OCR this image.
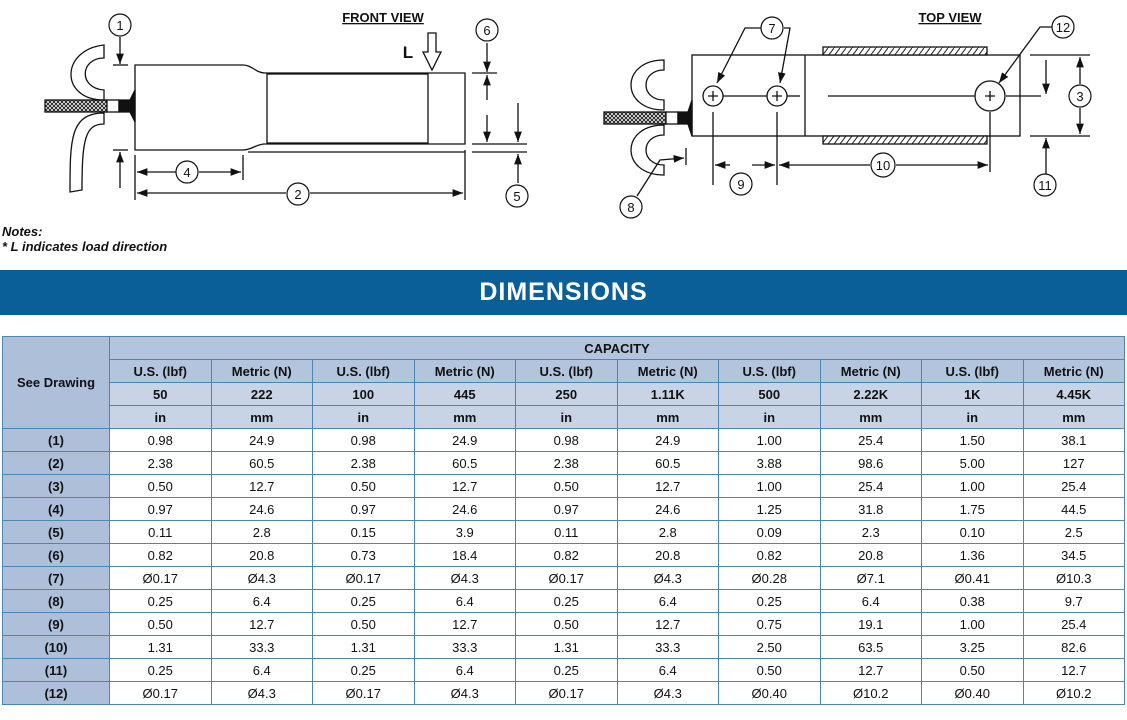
1
2
4
5
6
FRONT VIEW
L
3
7
8
9
10
11
12
TOP VIEW
Notes:
* L indicates load direction
DIMENSIONS
See Drawing	CAPACITY									
	U.S. (lbf)	Metric (N)	U.S. (lbf)	Metric (N)	U.S. (lbf)	Metric (N)	U.S. (lbf)	Metric (N)	U.S. (lbf)	Metric (N)
	50	222	100	445	250	1.11K	500	2.22K	1K	4.45K
	in	mm	in	mm	in	mm	in	mm	in	mm
(1)	0.98	24.9	0.98	24.9	0.98	24.9	1.00	25.4	1.50	38.1
(2)	2.38	60.5	2.38	60.5	2.38	60.5	3.88	98.6	5.00	127
(3)	0.50	12.7	0.50	12.7	0.50	12.7	1.00	25.4	1.00	25.4
(4)	0.97	24.6	0.97	24.6	0.97	24.6	1.25	31.8	1.75	44.5
(5)	0.11	2.8	0.15	3.9	0.11	2.8	0.09	2.3	0.10	2.5
(6)	0.82	20.8	0.73	18.4	0.82	20.8	0.82	20.8	1.36	34.5
(7)	Ø0.17	Ø4.3	Ø0.17	Ø4.3	Ø0.17	Ø4.3	Ø0.28	Ø7.1	Ø0.41	Ø10.3
(8)	0.25	6.4	0.25	6.4	0.25	6.4	0.25	6.4	0.38	9.7
(9)	0.50	12.7	0.50	12.7	0.50	12.7	0.75	19.1	1.00	25.4
(10)	1.31	33.3	1.31	33.3	1.31	33.3	2.50	63.5	3.25	82.6
(11)	0.25	6.4	0.25	6.4	0.25	6.4	0.50	12.7	0.50	12.7
(12)	Ø0.17	Ø4.3	Ø0.17	Ø4.3	Ø0.17	Ø4.3	Ø0.40	Ø10.2	Ø0.40	Ø10.2
